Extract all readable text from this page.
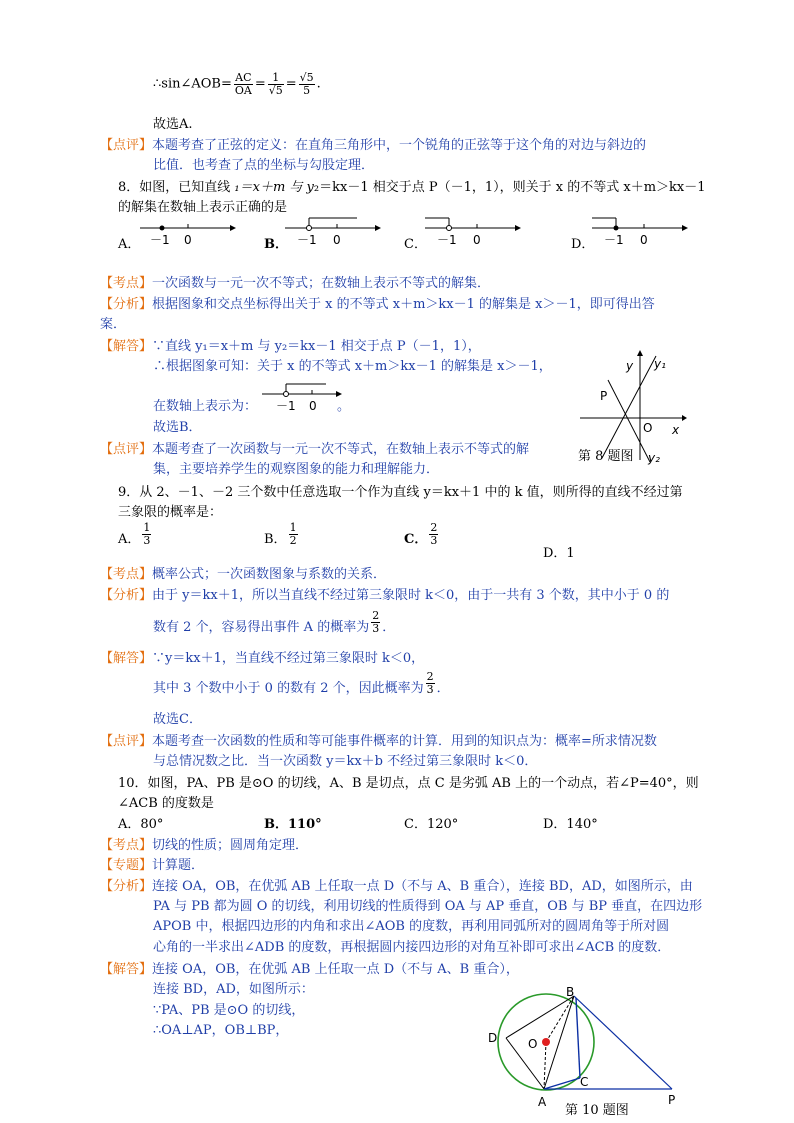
∴sin∠AOB= $\frac{AC}{OA} = \frac{1}{√5} = \frac{√5}{5}$ .
故选A.
【点评】本题考查了正弦的定义：在直角三角形中，一个锐角的正弦等于这个角的对边与斜边的
比值．也考查了点的坐标与勾股定理．
8．如图，已知直线 ₁＝x＋m 与 y₂＝kx－1 相交于点 P（－1，1），则关于 x 的不等式 x＋m＞kx－1
的解集在数轴上表示正确的是
A．	B．	C．	D．
－1 0	－1 0	－1 0	－1 0
【考点】一次函数与一元一次不等式；在数轴上表示不等式的解集．
【分析】根据图象和交点坐标得出关于 x 的不等式 x＋m＞kx－1 的解集是 x＞－1，即可得出答
案．
【解答】∵直线 y₁＝x＋m 与 y₂＝kx－1 相交于点 P（－1，1），
∴根据图象可知：关于 x 的不等式 x＋m＞kx－1 的解集是 x＞－1，
在数轴上表示为： －1 0 。
故选B．
【点评】本题考查了一次函数与一元一次不等式，在数轴上表示不等式的解
集，主要培养学生的观察图象的能力和理解能力．
y y₁
y₂
P
O x
第 8 题图
9．从 2、－1、－2 三个数中任意选取一个作为直线 y＝kx＋1 中的 k 值，则所得的直线不经过第
三象限的概率是：
A． $\frac{1}{3}$	B． $\frac{1}{2}$	C． $\frac{2}{3}$
D．1
【考点】概率公式；一次函数图象与系数的关系．
【分析】由于 y＝kx＋1，所以当直线不经过第三象限时 k＜0，由于一共有 3 个数，其中小于 0 的
数有 2 个，容易得出事件 A 的概率为 $\frac{2}{3}$ ．
【解答】∵y＝kx＋1，当直线不经过第三象限时 k＜0，
其中 3 个数中小于 0 的数有 2 个，因此概率为 $\frac{2}{3}$ ．
故选C．
【点评】本题考查一次函数的性质和等可能事件概率的计算．用到的知识点为：概率=所求情况数
与总情况数之比．当一次函数 y＝kx＋b 不经过第三象限时 k＜0．
10．如图，PA、PB 是⊙O 的切线，A、B 是切点，点 C 是劣弧 AB 上的一个动点，若∠P=40°，则
∠ACB 的度数是
A．80°	B．110°	C．120°	D．140°
【考点】切线的性质；圆周角定理．
【专题】计算题．
【分析】连接 OA，OB，在优弧 AB 上任取一点 D（不与 A、B 重合），连接 BD，AD，如图所示，由
PA 与 PB 都为圆 O 的切线，利用切线的性质得到 OA 与 AP 垂直，OB 与 BP 垂直，在四边形
APOB 中，根据四边形的内角和求出∠AOB 的度数，再利用同弧所对的圆周角等于所对圆
心角的一半求出∠ADB 的度数，再根据圆内接四边形的对角互补即可求出∠ACB 的度数．
【解答】连接 OA，OB，在优弧 AB 上任取一点 D（不与 A、B 重合），
连接 BD，AD，如图所示：
∵PA、PB 是⊙O 的切线，
∴OA⊥AP，OB⊥BP，
B
D	O
C
A	P
第 10 题图
